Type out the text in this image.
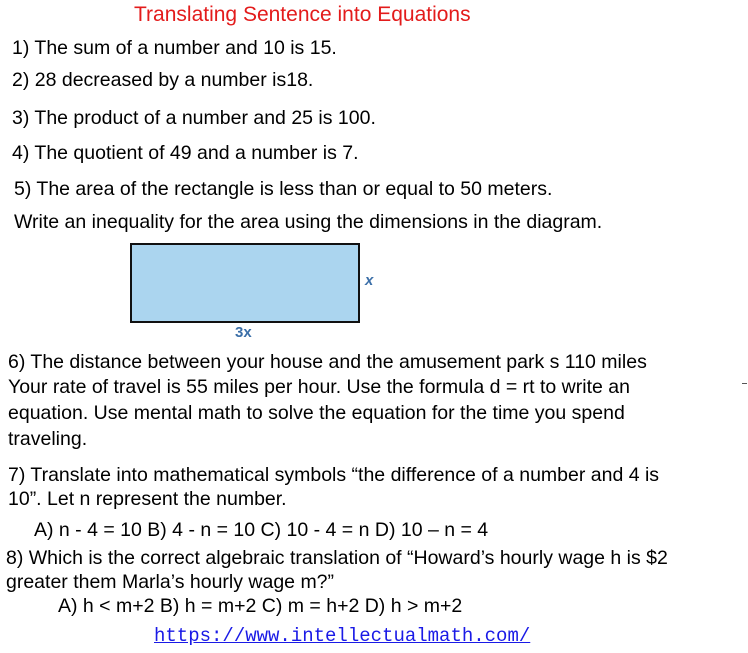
Translating Sentence into Equations
1) The sum of a number and 10 is 15.
2) 28 decreased by a number is18.
3) The product of a number and 25 is 100.
4) The quotient of 49 and a number is 7.
5) The area of the rectangle is less than or equal to 50 meters.
Write an inequality for the area using the dimensions in the diagram.
x
3x
6) The distance between your house and the amusement park s 110 miles
Your rate of travel is 55 miles per hour. Use the formula d = rt to write an
equation. Use mental math to solve the equation for the time you spend
traveling.
7) Translate into mathematical symbols “the difference of a number and 4 is
10”. Let n represent the number.
A) n - 4 = 10 B) 4 - n = 10 C) 10 - 4 = n D) 10 – n = 4
8) Which is the correct algebraic translation of “Howard’s hourly wage h is $2
greater them Marla’s hourly wage m?”
A) h < m+2 B) h = m+2 C) m = h+2 D) h > m+2
https://www.intellectualmath.com/
